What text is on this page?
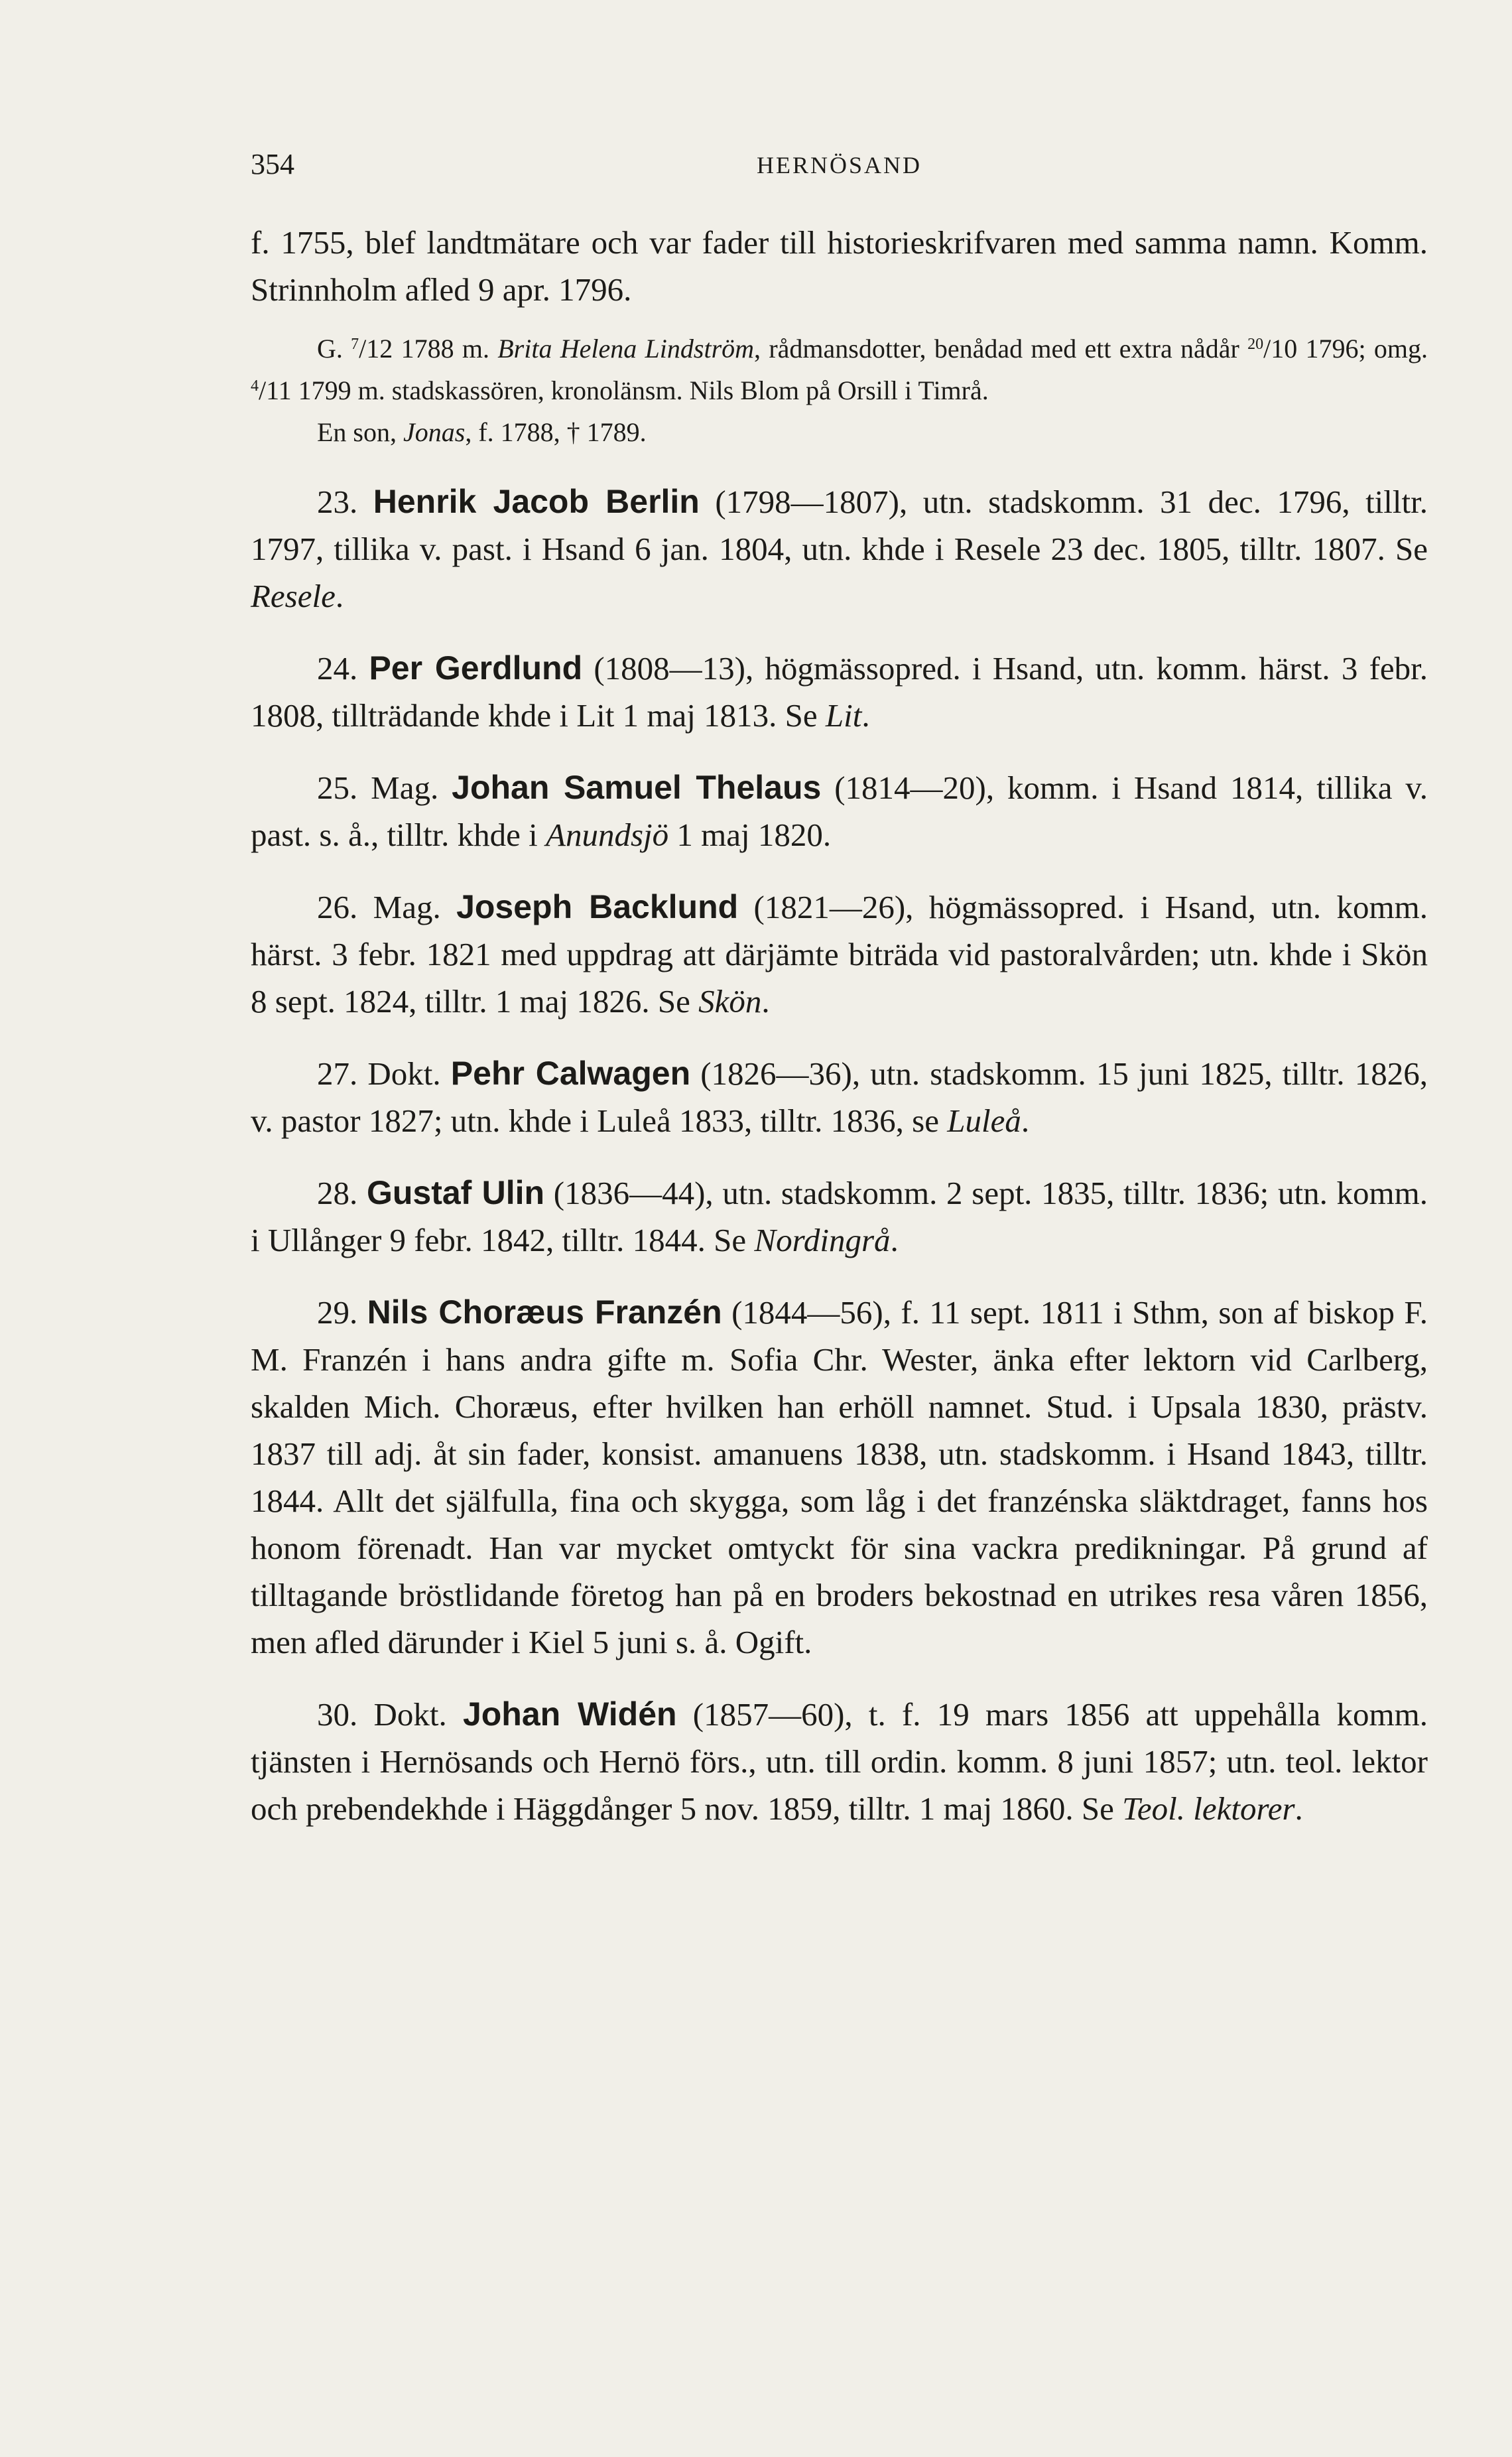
354	HERNÖSAND

f. 1755, blef landtmätare och var fader till historieskrifvaren med samma namn. Komm. Strinnholm afled 9 apr. 1796.

G. $^7$/12 1788 m. Brita Helena Lindström, rådmansdotter, benådad med ett extra nådår $^{20}$/10 1796; omg. $^4$/11 1799 m. stadskassören, kronolänsm. Nils Blom på Orsill i Timrå.

En son, Jonas, f. 1788, † 1789.

23. Henrik Jacob Berlin (1798—1807), utn. stadskomm. 31 dec. 1796, tilltr. 1797, tillika v. past. i Hsand 6 jan. 1804, utn. khde i Resele 23 dec. 1805, tilltr. 1807. Se Resele.

24. Per Gerdlund (1808—13), högmässopred. i Hsand, utn. komm. härst. 3 febr. 1808, tillträdande khde i Lit 1 maj 1813. Se Lit.

25. Mag. Johan Samuel Thelaus (1814—20), komm. i Hsand 1814, tillika v. past. s. å., tilltr. khde i Anundsjö 1 maj 1820.

26. Mag. Joseph Backlund (1821—26), högmässopred. i Hsand, utn. komm. härst. 3 febr. 1821 med uppdrag att därjämte biträda vid pastoralvården; utn. khde i Skön 8 sept. 1824, tilltr. 1 maj 1826. Se Skön.

27. Dokt. Pehr Calwagen (1826—36), utn. stadskomm. 15 juni 1825, tilltr. 1826, v. pastor 1827; utn. khde i Luleå 1833, tilltr. 1836, se Luleå.

28. Gustaf Ulin (1836—44), utn. stadskomm. 2 sept. 1835, tilltr. 1836; utn. komm. i Ullånger 9 febr. 1842, tilltr. 1844. Se Nordingrå.

29. Nils Choræus Franzén (1844—56), f. 11 sept. 1811 i Sthm, son af biskop F. M. Franzén i hans andra gifte m. Sofia Chr. Wester, änka efter lektorn vid Carlberg, skalden Mich. Choræus, efter hvilken han erhöll namnet. Stud. i Upsala 1830, prästv. 1837 till adj. åt sin fader, konsist. amanuens 1838, utn. stadskomm. i Hsand 1843, tilltr. 1844. Allt det själfulla, fina och skygga, som låg i det franzénska släktdraget, fanns hos honom förenadt. Han var mycket omtyckt för sina vackra predikningar. På grund af tilltagande bröstlidande företog han på en broders bekostnad en utrikes resa våren 1856, men afled därunder i Kiel 5 juni s. å. Ogift.

30. Dokt. Johan Widén (1857—60), t. f. 19 mars 1856 att uppehålla komm. tjänsten i Hernösands och Hernö förs., utn. till ordin. komm. 8 juni 1857; utn. teol. lektor och prebendekhde i Häggdånger 5 nov. 1859, tilltr. 1 maj 1860. Se Teol. lektorer.
